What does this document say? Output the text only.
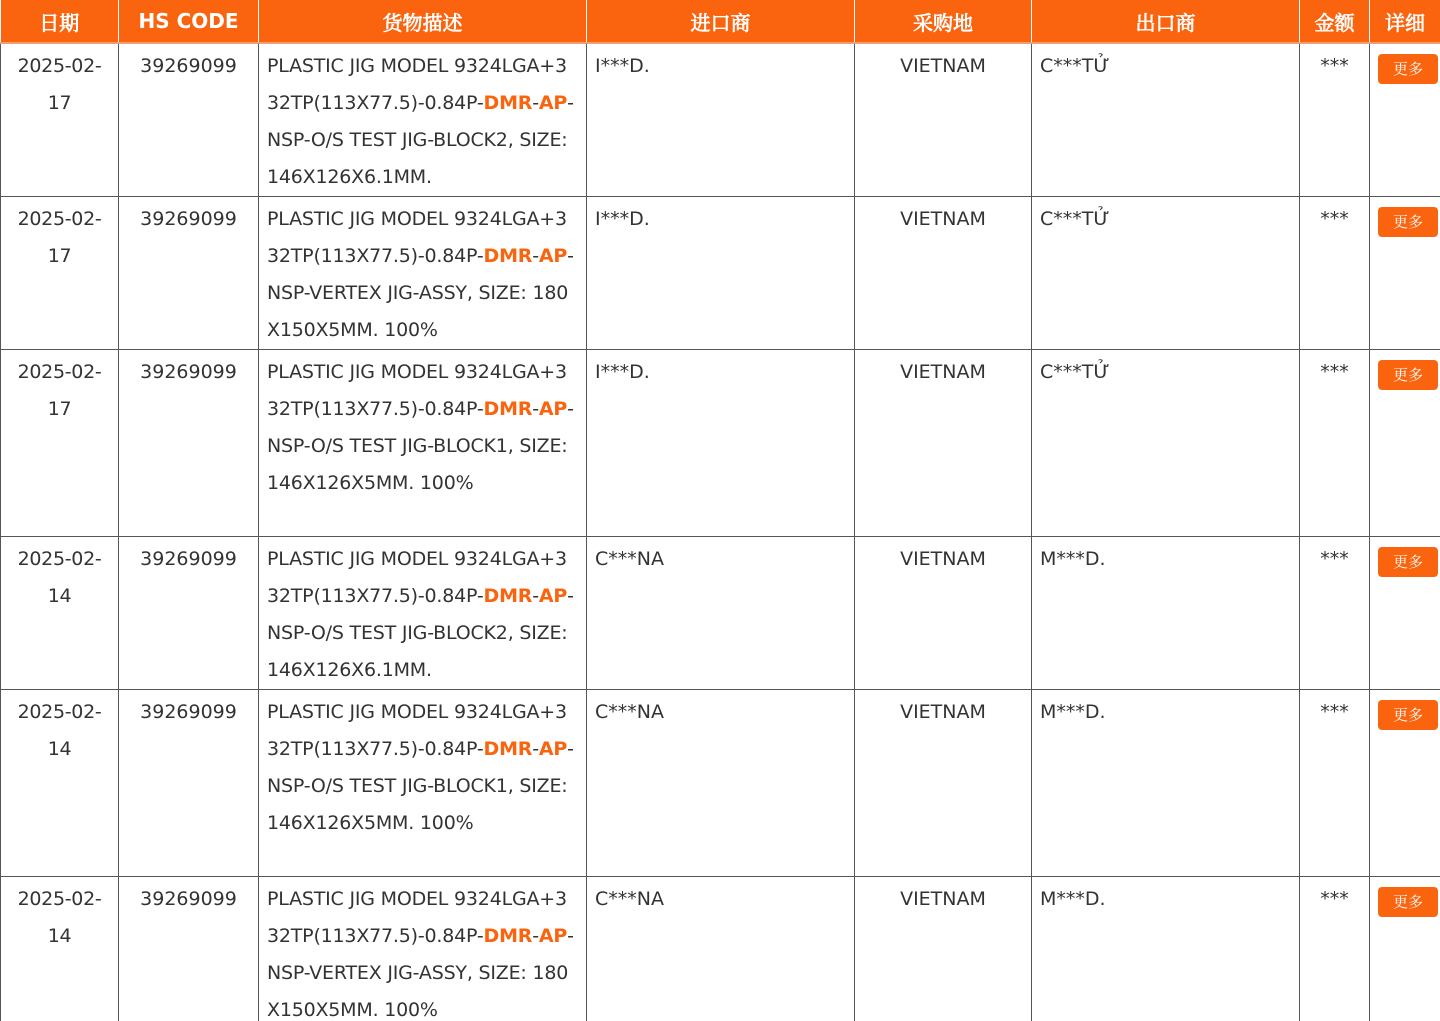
日期	HS CODE	货物描述	进口商	采购地	出口商	金额	详细
2025-02-17	39269099	PLASTIC JIG MODEL 9324LGA+332TP(113X77.5)-0.84P-DMR-AP-NSP-O/S TEST JIG-BLOCK2, SIZE: 146X126X6.1MM.	I***D.	VIETNAM	C***TỬ	***	更多
2025-02-17	39269099	PLASTIC JIG MODEL 9324LGA+332TP(113X77.5)-0.84P-DMR-AP-NSP-VERTEX JIG-ASSY, SIZE: 180X150X5MM. 100%	I***D.	VIETNAM	C***TỬ	***	更多
2025-02-17	39269099	PLASTIC JIG MODEL 9324LGA+332TP(113X77.5)-0.84P-DMR-AP-NSP-O/S TEST JIG-BLOCK1, SIZE: 146X126X5MM. 100%	I***D.	VIETNAM	C***TỬ	***	更多
2025-02-14	39269099	PLASTIC JIG MODEL 9324LGA+332TP(113X77.5)-0.84P-DMR-AP-NSP-O/S TEST JIG-BLOCK2, SIZE: 146X126X6.1MM.	C***NA	VIETNAM	M***D.	***	更多
2025-02-14	39269099	PLASTIC JIG MODEL 9324LGA+332TP(113X77.5)-0.84P-DMR-AP-NSP-O/S TEST JIG-BLOCK1, SIZE: 146X126X5MM. 100%	C***NA	VIETNAM	M***D.	***	更多
2025-02-14	39269099	PLASTIC JIG MODEL 9324LGA+332TP(113X77.5)-0.84P-DMR-AP-NSP-VERTEX JIG-ASSY, SIZE: 180X150X5MM. 100%	C***NA	VIETNAM	M***D.	***	更多
